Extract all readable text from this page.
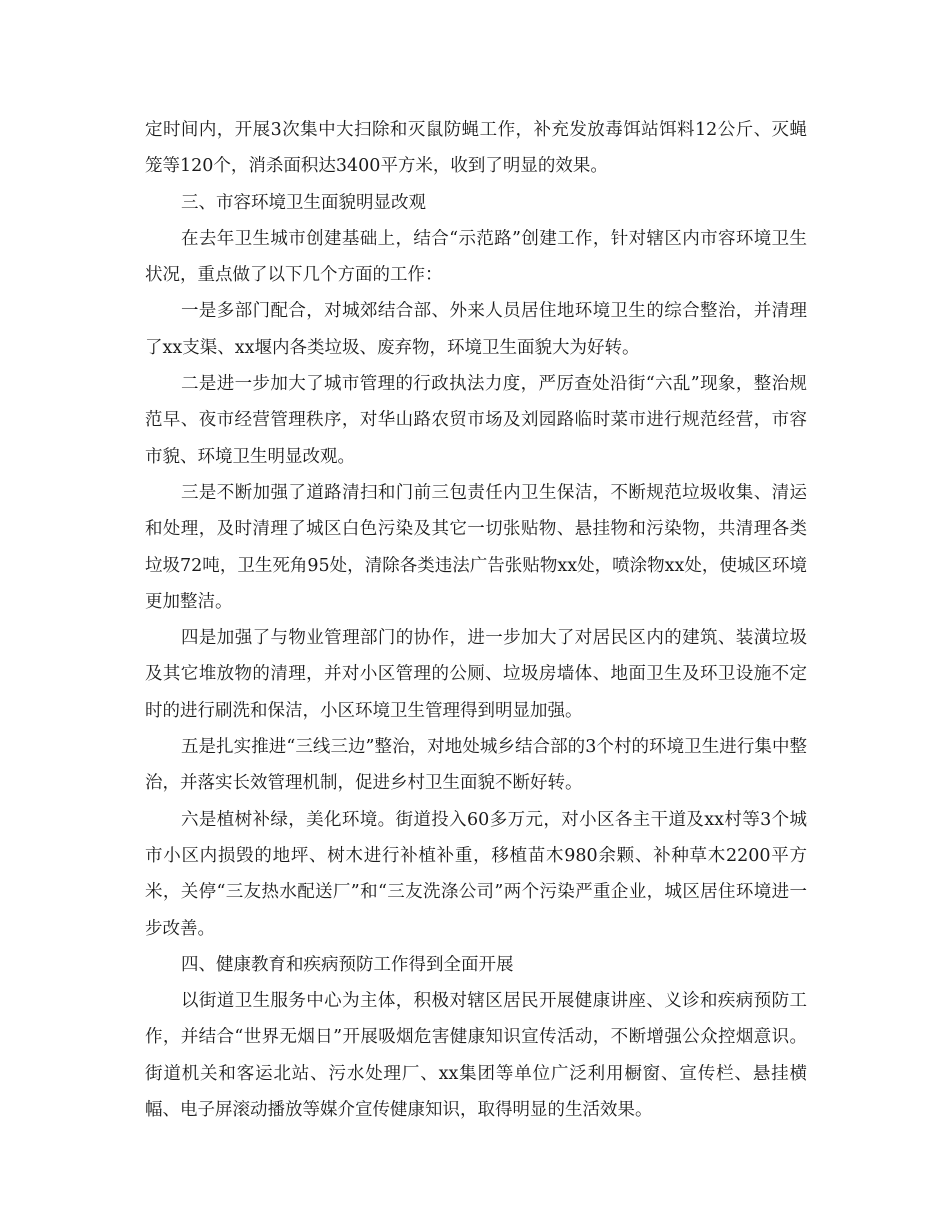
定时间内，开展3次集中大扫除和灭鼠防蝇工作，补充发放毒饵站饵料12公斤、灭蝇笼等120个，消杀面积达3400平方米，收到了明显的效果。

三、市容环境卫生面貌明显改观

在去年卫生城市创建基础上，结合“示范路”创建工作，针对辖区内市容环境卫生状况，重点做了以下几个方面的工作：

一是多部门配合，对城郊结合部、外来人员居住地环境卫生的综合整治，并清理了xx支渠、xx堰内各类垃圾、废弃物，环境卫生面貌大为好转。

二是进一步加大了城市管理的行政执法力度，严厉查处沿街“六乱”现象，整治规范早、夜市经营管理秩序，对华山路农贸市场及刘园路临时菜市进行规范经营，市容市貌、环境卫生明显改观。

三是不断加强了道路清扫和门前三包责任内卫生保洁，不断规范垃圾收集、清运和处理，及时清理了城区白色污染及其它一切张贴物、悬挂物和污染物，共清理各类垃圾72吨，卫生死角95处，清除各类违法广告张贴物xx处，喷涂物xx处，使城区环境更加整洁。

四是加强了与物业管理部门的协作，进一步加大了对居民区内的建筑、装潢垃圾及其它堆放物的清理，并对小区管理的公厕、垃圾房墙体、地面卫生及环卫设施不定时的进行刷洗和保洁，小区环境卫生管理得到明显加强。

五是扎实推进“三线三边”整治，对地处城乡结合部的3个村的环境卫生进行集中整治，并落实长效管理机制，促进乡村卫生面貌不断好转。

六是植树补绿，美化环境。街道投入60多万元，对小区各主干道及xx村等3个城市小区内损毁的地坪、树木进行补植补重，移植苗木980余颗、补种草木2200平方米，关停“三友热水配送厂”和“三友洗涤公司”两个污染严重企业，城区居住环境进一步改善。

四、健康教育和疾病预防工作得到全面开展

以街道卫生服务中心为主体，积极对辖区居民开展健康讲座、义诊和疾病预防工作，并结合“世界无烟日”开展吸烟危害健康知识宣传活动，不断增强公众控烟意识。街道机关和客运北站、污水处理厂、xx集团等单位广泛利用橱窗、宣传栏、悬挂横幅、电子屏滚动播放等媒介宣传健康知识，取得明显的生活效果。
